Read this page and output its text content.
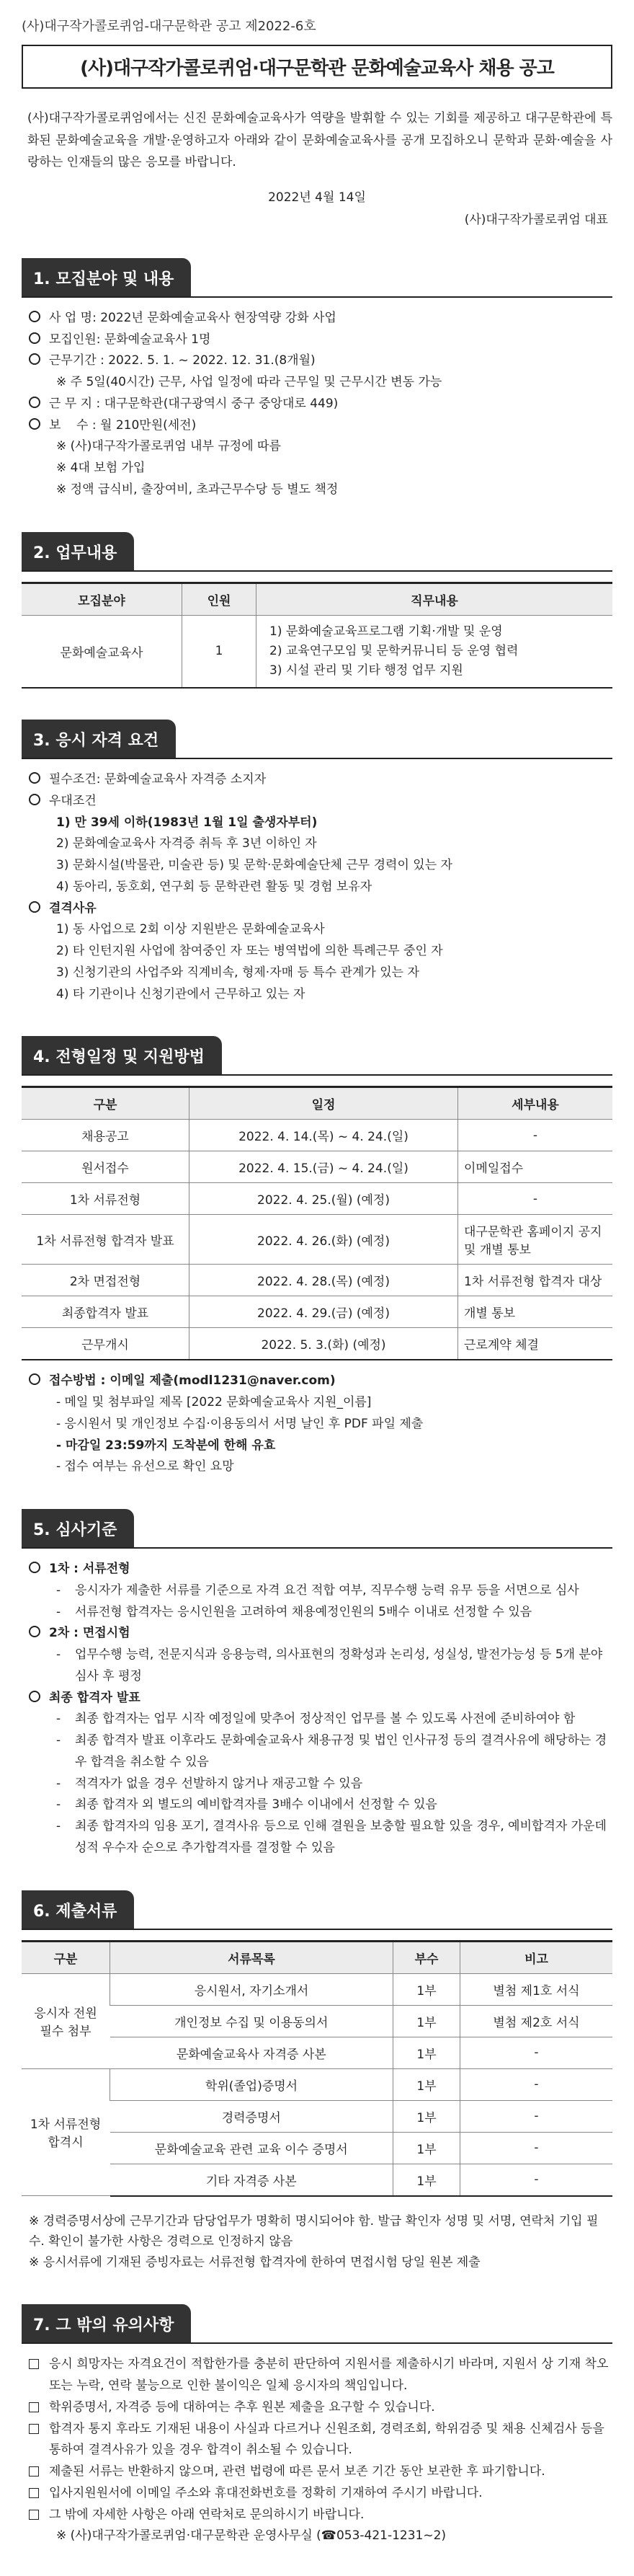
(사)대구작가콜로퀴엄-대구문학관 공고 제2022-6호
(사)대구작가콜로퀴엄·대구문학관 문화예술교육사 채용 공고
(사)대구작가콜로퀴엄에서는 신진 문화예술교육사가 역량을 발휘할 수 있는 기회를 제공하고 대구문학관에 특화된 문화예술교육을 개발·운영하고자 아래와 같이 문화예술교육사를 공개 모집하오니 문학과 문화·예술을 사랑하는 인재들의 많은 응모를 바랍니다.
2022년 4월 14일
(사)대구작가콜로퀴엄 대표
1. 모집분야 및 내용
사 업 명: 2022년 문화예술교육사 현장역량 강화 사업
모집인원: 문화예술교육사 1명
근무기간 : 2022. 5. 1. ~ 2022. 12. 31.(8개월)
※ 주 5일(40시간) 근무, 사업 일정에 따라 근무일 및 근무시간 변동 가능
근 무 지 : 대구문학관(대구광역시 중구 중앙대로 449)
보    수 : 월 210만원(세전)
※ (사)대구작가콜로퀴엄 내부 규정에 따름
※ 4대 보험 가입
※ 정액 급식비, 출장여비, 초과근무수당 등 별도 책정
2. 업무내용
모집분야	인원	직무내용
문화예술교육사	1	1) 문화예술교육프로그램 기획·개발 및 운영
2) 교육연구모임 및 문학커뮤니티 등 운영 협력
3) 시설 관리 및 기타 행정 업무 지원
3. 응시 자격 요건
필수조건: 문화예술교육사 자격증 소지자
우대조건
1) 만 39세 이하(1983년 1월 1일 출생자부터)
2) 문화예술교육사 자격증 취득 후 3년 이하인 자
3) 문화시설(박물관, 미술관 등) 및 문학·문화예술단체 근무 경력이 있는 자
4) 동아리, 동호회, 연구회 등 문학관련 활동 및 경험 보유자
결격사유
1) 동 사업으로 2회 이상 지원받은 문화예술교육사
2) 타 인턴지원 사업에 참여중인 자 또는 병역법에 의한 특례근무 중인 자
3) 신청기관의 사업주와 직계비속, 형제·자매 등 특수 관계가 있는 자
4) 타 기관이나 신청기관에서 근무하고 있는 자
4. 전형일정 및 지원방법
구분	일정	세부내용
채용공고	2022. 4. 14.(목) ~ 4. 24.(일)	-
원서접수	2022. 4. 15.(금) ~ 4. 24.(일)	이메일접수
1차 서류전형	2022. 4. 25.(월) (예정)	-
1차 서류전형 합격자 발표	2022. 4. 26.(화) (예정)	대구문학관 홈페이지 공지 및 개별 통보
2차 면접전형	2022. 4. 28.(목) (예정)	1차 서류전형 합격자 대상
최종합격자 발표	2022. 4. 29.(금) (예정)	개별 통보
근무개시	2022. 5. 3.(화) (예정)	근로계약 체결
접수방법 : 이메일 제출(modl1231@naver.com)
- 메일 및 첨부파일 제목 [2022 문화예술교육사 지원_이름]
- 응시원서 및 개인정보 수집·이용동의서 서명 날인 후 PDF 파일 제출
- 마감일 23:59까지 도착분에 한해 유효
- 접수 여부는 유선으로 확인 요망
5. 심사기준
1차 : 서류전형
-	응시자가 제출한 서류를 기준으로 자격 요건 적합 여부, 직무수행 능력 유무 등을 서면으로 심사
-	서류전형 합격자는 응시인원을 고려하여 채용예정인원의 5배수 이내로 선정할 수 있음
2차 : 면접시험
-	업무수행 능력, 전문지식과 응용능력, 의사표현의 정확성과 논리성, 성실성, 발전가능성 등 5개 분야 심사 후 평정
최종 합격자 발표
-	최종 합격자는 업무 시작 예정일에 맞추어 정상적인 업무를 볼 수 있도록 사전에 준비하여야 함
-	최종 합격자 발표 이후라도 문화예술교육사 채용규정 및 법인 인사규정 등의 결격사유에 해당하는 경우 합격을 취소할 수 있음
-	적격자가 없을 경우 선발하지 않거나 재공고할 수 있음
-	최종 합격자 외 별도의 예비합격자를 3배수 이내에서 선정할 수 있음
-	최종 합격자의 임용 포기, 결격사유 등으로 인해 결원을 보충할 필요할 있을 경우, 예비합격자 가운데 성적 우수자 순으로 추가합격자를 결정할 수 있음
6. 제출서류
구분	서류목록	부수	비고
응시자 전원 필수 첨부	응시원서, 자기소개서	1부	별첨 제1호 서식
	개인정보 수집 및 이용동의서	1부	별첨 제2호 서식
	문화예술교육사 자격증 사본	1부	-
1차 서류전형 합격시	학위(졸업)증명서	1부	-
	경력증명서	1부	-
	문화예술교육 관련 교육 이수 증명서	1부	-
	기타 자격증 사본	1부	-
※ 경력증명서상에 근무기간과 담당업무가 명확히 명시되어야 함. 발급 확인자 성명 및 서명, 연락처 기입 필수. 확인이 불가한 사항은 경력으로 인정하지 않음
※ 응시서류에 기재된 증빙자료는 서류전형 합격자에 한하여 면접시험 당일 원본 제출
7. 그 밖의 유의사항
응시 희망자는 자격요건이 적합한가를 충분히 판단하여 지원서를 제출하시기 바라며, 지원서 상 기재 착오 또는 누락, 연락 불능으로 인한 불이익은 일체 응시자의 책임입니다.
학위증명서, 자격증 등에 대하여는 추후 원본 제출을 요구할 수 있습니다.
합격자 통지 후라도 기재된 내용이 사실과 다르거나 신원조회, 경력조회, 학위검증 및 채용 신체검사 등을 통하여 결격사유가 있을 경우 합격이 취소될 수 있습니다.
제출된 서류는 반환하지 않으며, 관련 법령에 따른 문서 보존 기간 동안 보관한 후 파기합니다.
입사지원원서에 이메일 주소와 휴대전화번호를 정확히 기재하여 주시기 바랍니다.
그 밖에 자세한 사항은 아래 연락처로 문의하시기 바랍니다.
※ (사)대구작가콜로퀴엄·대구문학관 운영사무실 (☎053-421-1231~2)
